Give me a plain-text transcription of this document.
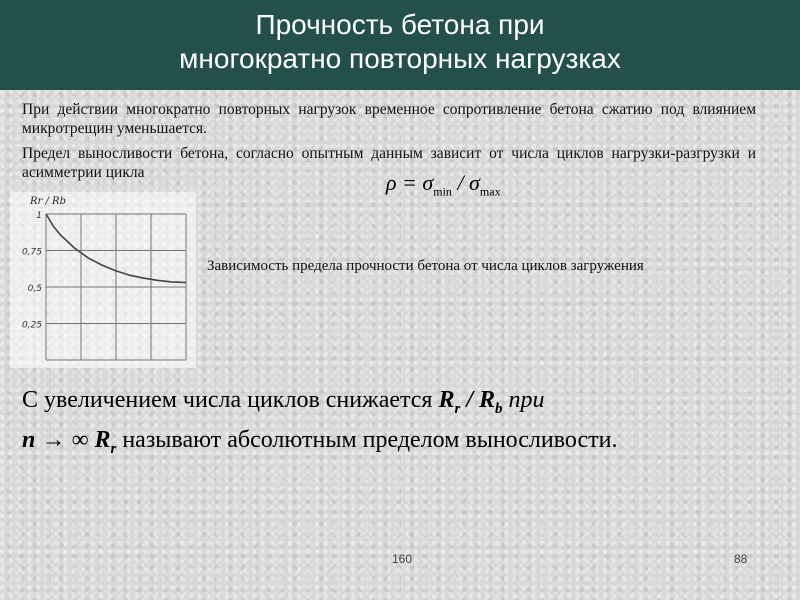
Прочность бетона при
многократно повторных нагрузках
При действии многократно повторных нагрузок временное сопротивление бетона сжатию под влиянием микротрещин уменьшается.
Предел выносливости бетона, согласно опытным данным зависит от числа циклов нагрузки-разгрузки и асимметрии цикла	$\rho = \sigma_{min} / \sigma_{max}$
1
0,75
0,5
0,25
Rr / Rb
Зависимость предела прочности бетона от числа циклов загружения
С увеличением числа циклов снижается $R_r / R_b$ при
n → ∞ $R_r$ называют абсолютным пределом выносливости.
160	88
